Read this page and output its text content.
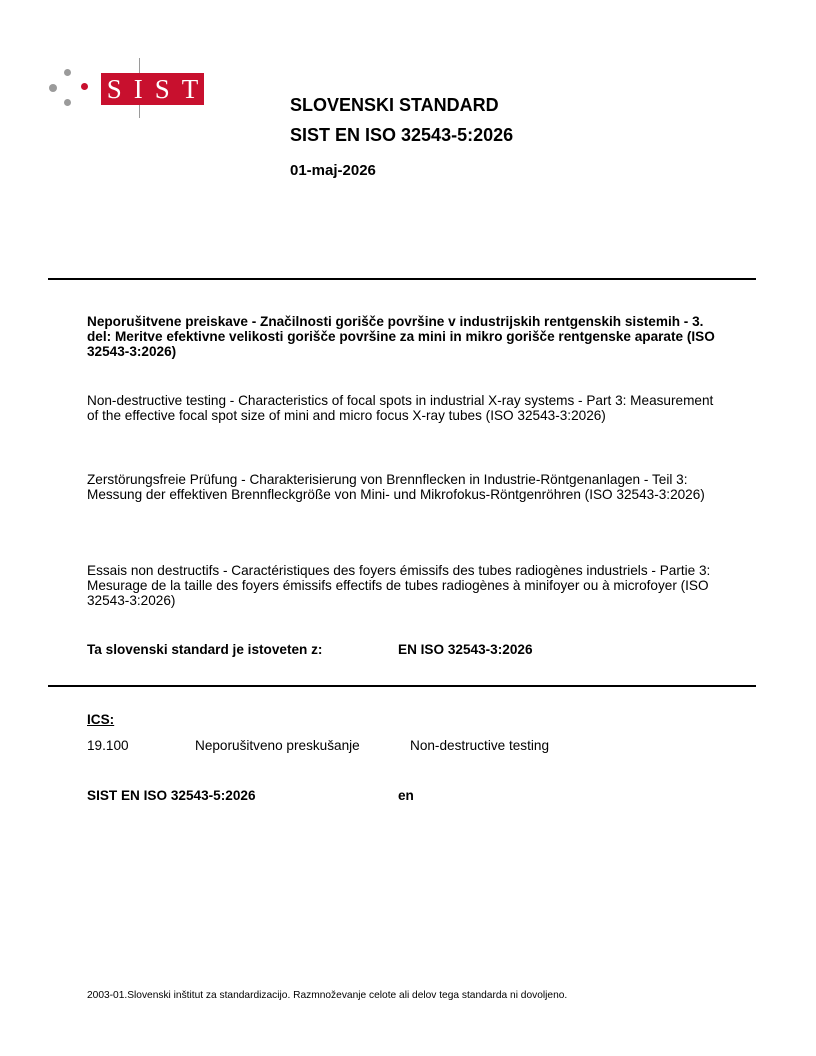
SIST
SLOVENSKI STANDARD
SIST EN ISO 32543-5:2026
01-maj-2026
Neporušitvene preiskave - Značilnosti gorišče površine v industrijskih rentgenskih sistemih - 3. del: Meritve efektivne velikosti gorišče površine za mini in mikro gorišče rentgenske aparate (ISO 32543-3:2026)
Non-destructive testing - Characteristics of focal spots in industrial X-ray systems - Part 3: Measurement of the effective focal spot size of mini and micro focus X-ray tubes (ISO 32543-3:2026)
Zerstörungsfreie Prüfung - Charakterisierung von Brennflecken in Industrie-Röntgenanlagen - Teil 3: Messung der effektiven Brennfleckgröße von Mini- und Mikrofokus-Röntgenröhren (ISO 32543-3:2026)
Essais non destructifs - Caractéristiques des foyers émissifs des tubes radiogènes industriels - Partie 3: Mesurage de la taille des foyers émissifs effectifs de tubes radiogènes à minifoyer ou à microfoyer (ISO 32543-3:2026)
Ta slovenski standard je istoveten z:	EN ISO 32543-3:2026
ICS:
19.100	Neporušitveno preskušanje	Non-destructive testing
SIST EN ISO 32543-5:2026	en
2003-01.Slovenski inštitut za standardizacijo. Razmnoževanje celote ali delov tega standarda ni dovoljeno.
